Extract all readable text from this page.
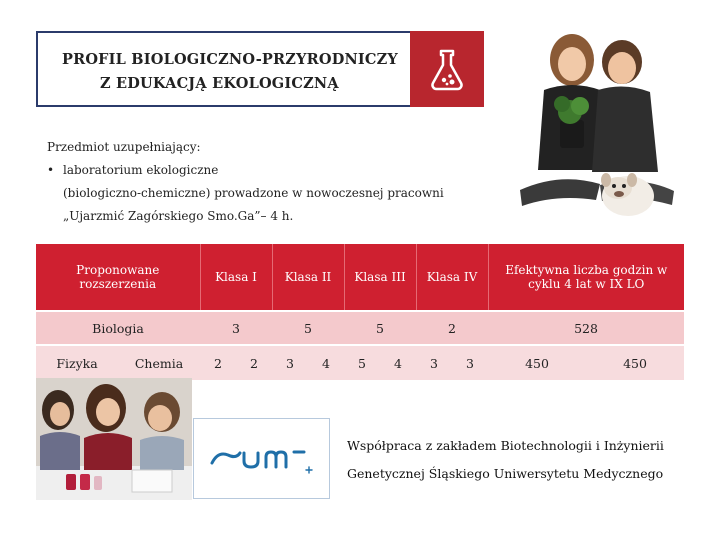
PROFIL BIOLOGICZNO-PRZYRODNICZY
Z EDUKACJĄ EKOLOGICZNĄ
Przedmiot uzupełniający:
• laboratorium ekologiczne
(biologiczno-chemiczne) prowadzone w nowoczesnej pracowni
„Ujarzmić Zagórskiego Smo.Ga”– 4 h.
Proponowane rozszerzenia		Klasa I		Klasa II		Klasa III		Klasa IV		Efektywna liczba godzin w cyklu 4 lat w IX LO	
Biologia		3		5		5		2		528	
Fizyka	Chemia	2	2	3	4	5	4	3	3	450	450
Współpraca z zakładem Biotechnologii i Inżynierii
Genetycznej Śląskiego Uniwersytetu Medycznego
